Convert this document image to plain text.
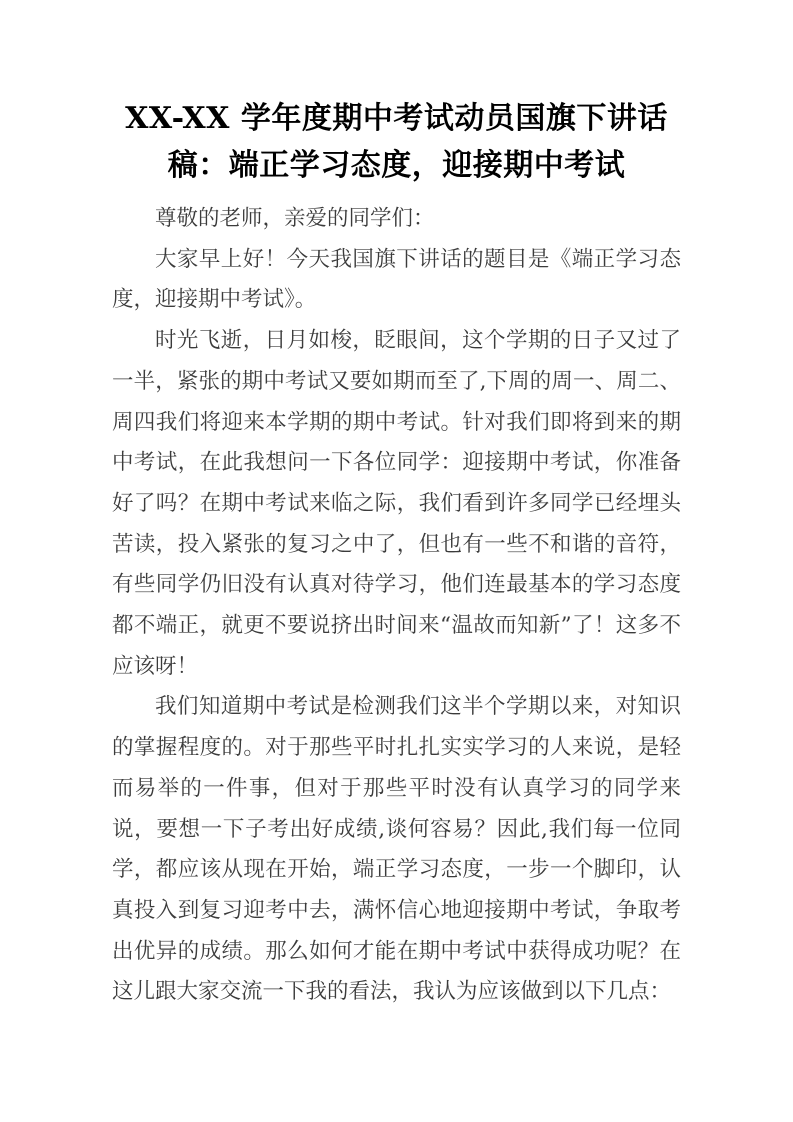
XX-XX 学年度期中考试动员国旗下讲话
稿：端正学习态度，迎接期中考试

尊敬的老师，亲爱的同学们：

大家早上好！今天我国旗下讲话的题目是《端正学习态度，迎接期中考试》。

时光飞逝，日月如梭，眨眼间，这个学期的日子又过了一半，紧张的期中考试又要如期而至了,下周的周一、周二、周四我们将迎来本学期的期中考试。针对我们即将到来的期中考试，在此我想问一下各位同学：迎接期中考试，你准备好了吗？在期中考试来临之际，我们看到许多同学已经埋头苦读，投入紧张的复习之中了，但也有一些不和谐的音符，有些同学仍旧没有认真对待学习，他们连最基本的学习态度都不端正，就更不要说挤出时间来“温故而知新”了！这多不应该呀！

我们知道期中考试是检测我们这半个学期以来，对知识的掌握程度的。对于那些平时扎扎实实学习的人来说，是轻而易举的一件事，但对于那些平时没有认真学习的同学来说，要想一下子考出好成绩,谈何容易？因此,我们每一位同学，都应该从现在开始，端正学习态度，一步一个脚印，认真投入到复习迎考中去，满怀信心地迎接期中考试，争取考出优异的成绩。那么如何才能在期中考试中获得成功呢？在这儿跟大家交流一下我的看法，我认为应该做到以下几点：
